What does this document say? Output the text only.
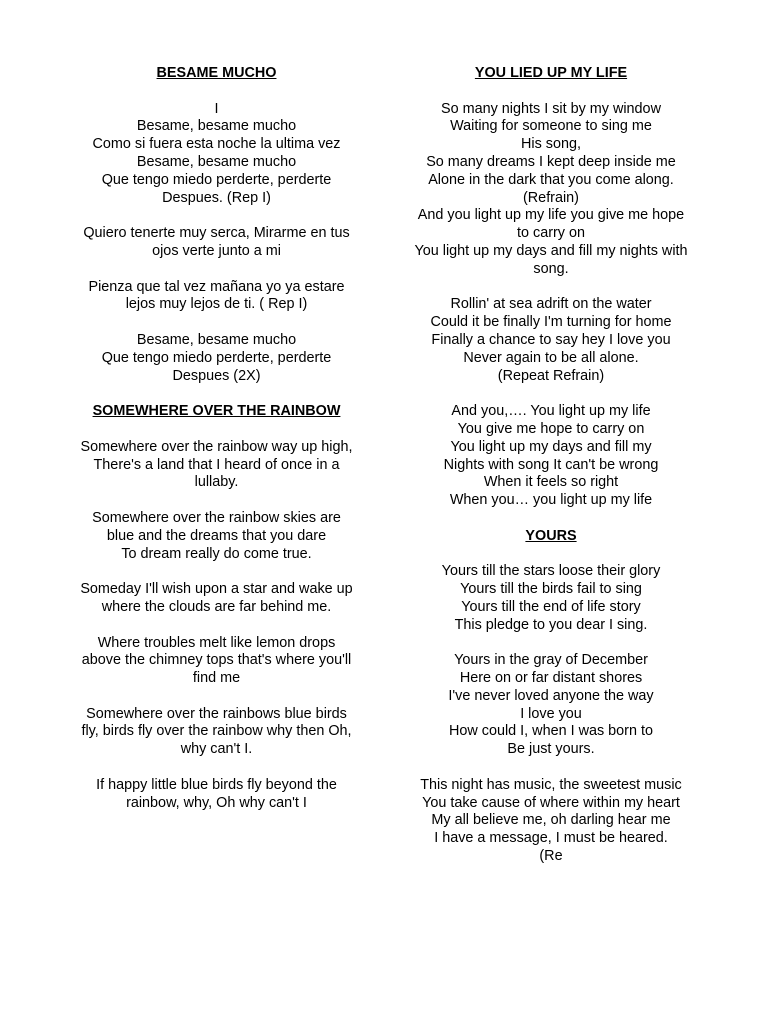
BESAME MUCHO
I
Besame, besame mucho
Como si fuera esta noche la ultima vez
Besame, besame mucho
Que tengo miedo perderte, perderte
Despues. (Rep I)

Quiero tenerte muy serca, Mirarme en tus
ojos verte junto a mi

Pienza que tal vez mañana yo ya estare
lejos muy lejos de ti. ( Rep I)

Besame, besame mucho
Que tengo miedo perderte, perderte
Despues (2X)
SOMEWHERE OVER THE RAINBOW
Somewhere over the rainbow way up high,
There's a land that I heard of once in a
lullaby.

Somewhere over the rainbow skies are
blue and the dreams that you dare
To dream really do come true.

Someday I'll wish upon a star and wake up
where the clouds are far behind me.

Where troubles melt like lemon drops
above the chimney tops that's where you'll
find me

Somewhere over the rainbows blue birds
fly, birds fly over the rainbow why then Oh,
why can't I.

If happy little blue birds fly beyond the
rainbow, why, Oh why can't I
YOU LIED UP MY LIFE
So many nights I sit by my window
Waiting for someone to sing me
His song,
So many dreams I kept deep inside me
Alone in the dark that you come along.
(Refrain)
And you light up my life you give me hope
to carry on
You light up my days and fill my nights with
song.

Rollin' at sea adrift on the water
Could it be finally I'm turning for home
Finally a chance to say hey I love you
Never again to be all alone.
(Repeat Refrain)

And you,…. You light up my life
You give me hope to carry on
You light up my days and fill my
Nights with song It can't be wrong
When it feels so right
When you… you light up my life
YOURS
Yours till the stars loose their glory
Yours till the birds fail to sing
Yours till the end of life story
This pledge to you dear I sing.

Yours in the gray of December
Here on or far distant shores
I've never loved anyone the way
I love you
How could I, when I was born to
Be just yours.

This night has music, the sweetest music
You take cause of where within my heart
My all believe me, oh darling hear me
I have a message, I must be heared.
(Re
